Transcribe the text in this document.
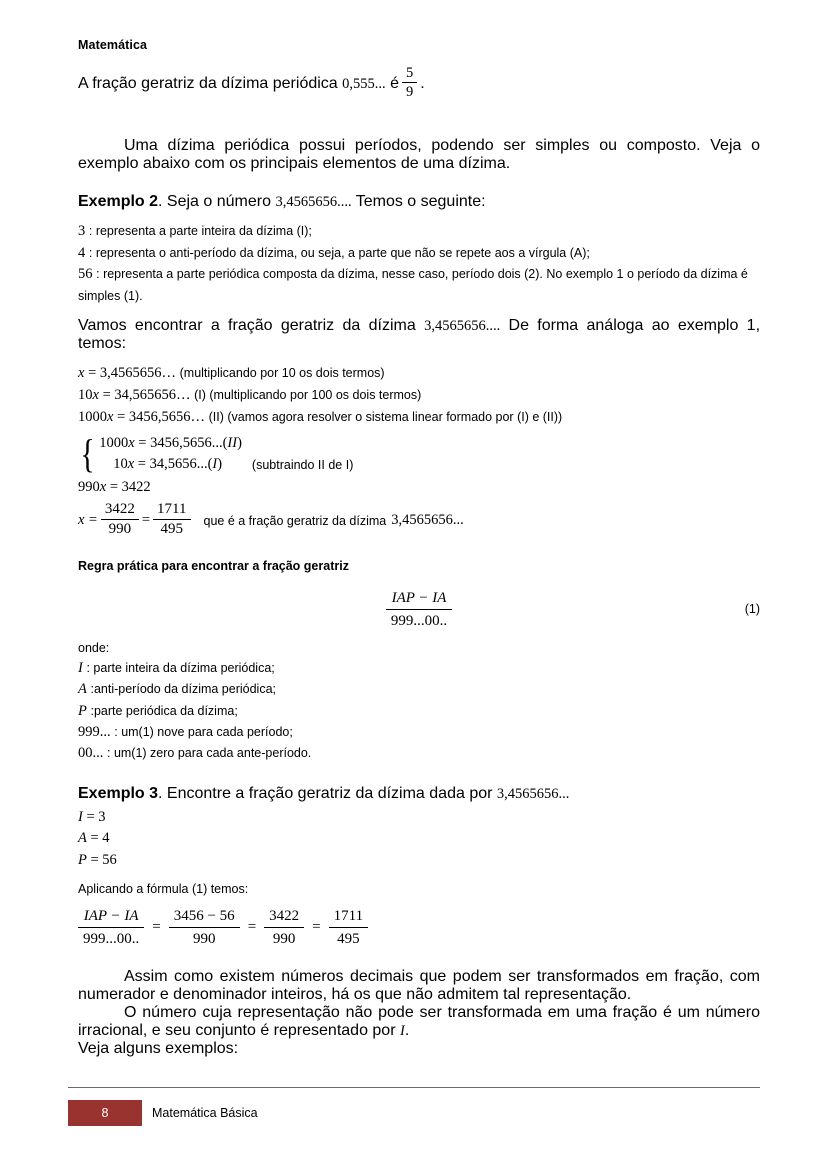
Matemática
A fração geratriz da dízima periódica 0,555... é $\frac{5}{9}$ .
Uma dízima periódica possui períodos, podendo ser simples ou composto. Veja o exemplo abaixo com os principais elementos de uma dízima.
Exemplo 2. Seja o número 3,4565656.... Temos o seguinte:
3 : representa a parte inteira da dízima (I);
4 : representa o anti-período da dízima, ou seja, a parte que não se repete aos a vírgula (A);
56 : representa a parte periódica composta da dízima, nesse caso, período dois (2). No exemplo 1 o período da dízima é simples (1).
Vamos encontrar a fração geratriz da dízima 3,4565656.... De forma análoga ao exemplo 1, temos:
x = 3,4565656… (multiplicando por 10 os dois termos)
10x = 34,565656… (I) (multiplicando por 100 os dois termos)
1000x = 3456,5656… (II) (vamos agora resolver o sistema linear formado por (I) e (II))
{ 1000x = 3456,5656...(II)
10x = 34,5656...(I)	(subtraindo II de I)
990x = 3422
$x = \frac{3422}{990} = \frac{1711}{495}$ que é a fração geratriz da dízima 3,4565656...
Regra prática para encontrar a fração geratriz
$\frac{\text{IAP − IA}}{999...00..}$	(1)
onde:
I : parte inteira da dízima periódica;
A :anti-período da dízima periódica;
P :parte periódica da dízima;
999... : um(1) nove para cada período;
00... : um(1) zero para cada ante-período.
Exemplo 3. Encontre a fração geratriz da dízima dada por 3,4565656...
I = 3
A = 4
P = 56
Aplicando a fórmula (1) temos:
$\frac{\text{IAP − IA}}{999...00..} = \frac{3456 - 56}{990} = \frac{3422}{990} = \frac{1711}{495}$
Assim como existem números decimais que podem ser transformados em fração, com numerador e denominador inteiros, há os que não admitem tal representação.
O número cuja representação não pode ser transformada em uma fração é um número irracional, e seu conjunto é representado por I.
Veja alguns exemplos:
8	Matemática Básica
